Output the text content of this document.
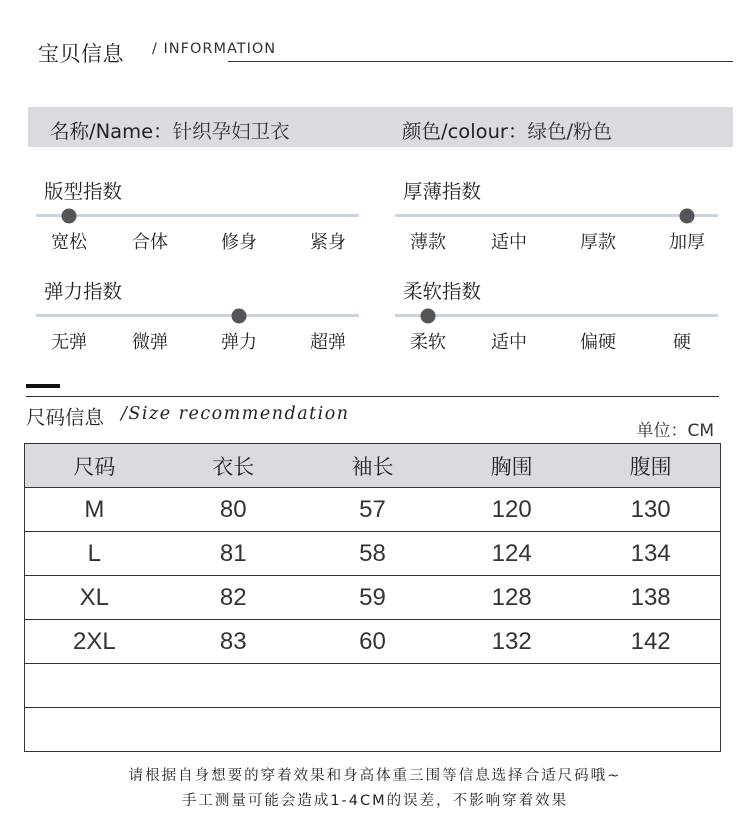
宝贝信息 / INFORMATION
名称/Name：针织孕妇卫衣	颜色/colour：绿色/粉色
版型指数
宽松	合体	修身	紧身
厚薄指数
薄款	适中	厚款	加厚
弹力指数
无弹	微弹	弹力	超弹
柔软指数
柔软	适中	偏硬	硬
尺码信息 /Size recommendation
单位：CM
尺码	衣长	袖长	胸围	腹围
M	80	57	120	130
L	81	58	124	134
XL	82	59	128	138
2XL	83	60	132	142

请根据自身想要的穿着效果和身高体重三围等信息选择合适尺码哦~
手工测量可能会造成1-4CM的误差，不影响穿着效果
